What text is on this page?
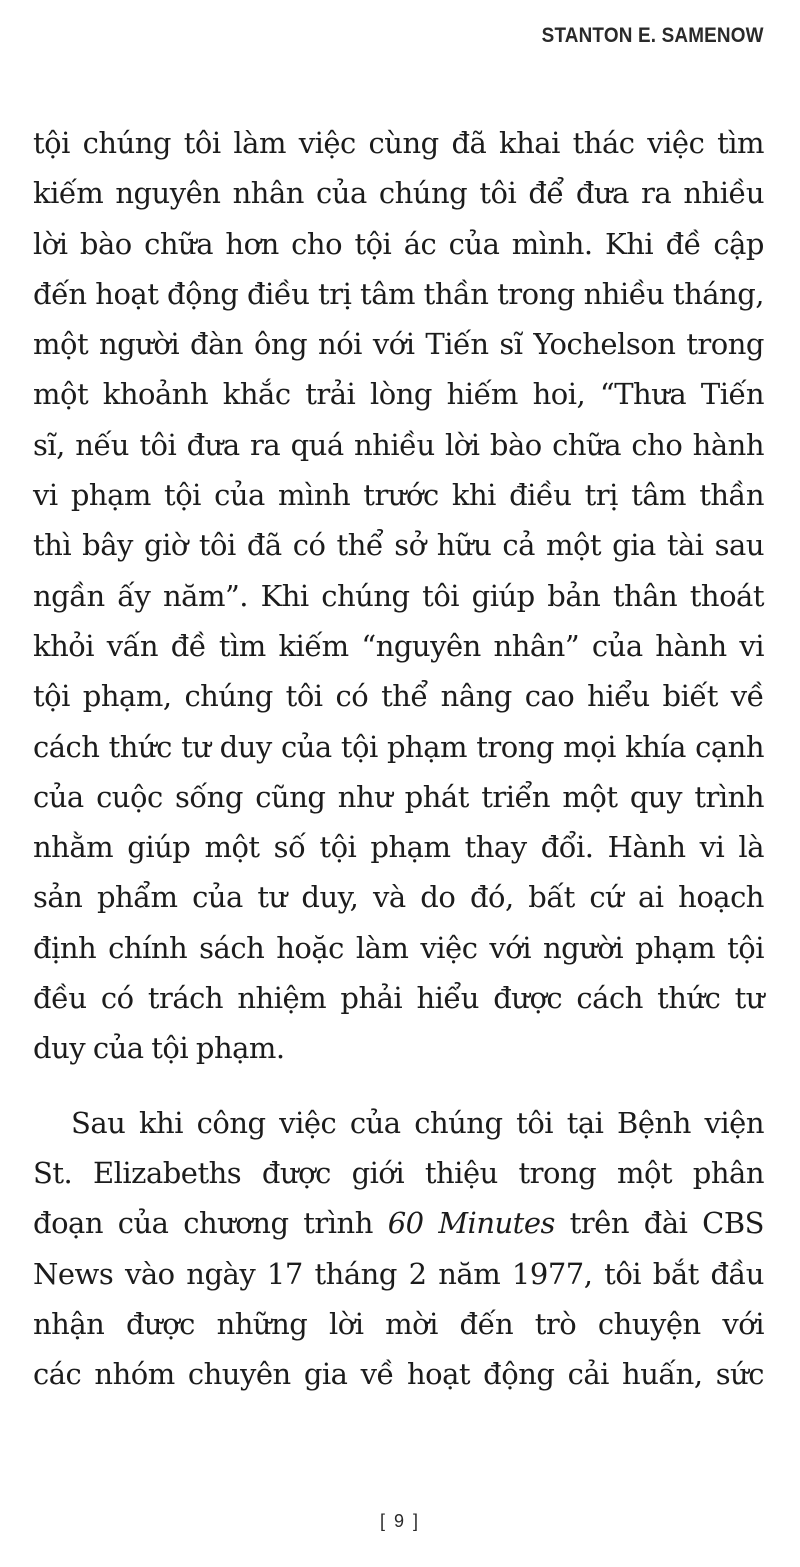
STANTON E. SAMENOW
tội chúng tôi làm việc cùng đã khai thác việc tìm
kiếm nguyên nhân của chúng tôi để đưa ra nhiều
lời bào chữa hơn cho tội ác của mình. Khi đề cập
đến hoạt động điều trị tâm thần trong nhiều tháng,
một người đàn ông nói với Tiến sĩ Yochelson trong
một khoảnh khắc trải lòng hiếm hoi, “Thưa Tiến
sĩ, nếu tôi đưa ra quá nhiều lời bào chữa cho hành
vi phạm tội của mình trước khi điều trị tâm thần
thì bây giờ tôi đã có thể sở hữu cả một gia tài sau
ngần ấy năm”. Khi chúng tôi giúp bản thân thoát
khỏi vấn đề tìm kiếm “nguyên nhân” của hành vi
tội phạm, chúng tôi có thể nâng cao hiểu biết về
cách thức tư duy của tội phạm trong mọi khía cạnh
của cuộc sống cũng như phát triển một quy trình
nhằm giúp một số tội phạm thay đổi. Hành vi là
sản phẩm của tư duy, và do đó, bất cứ ai hoạch
định chính sách hoặc làm việc với người phạm tội
đều có trách nhiệm phải hiểu được cách thức tư
duy của tội phạm.
Sau khi công việc của chúng tôi tại Bệnh viện
St. Elizabeths được giới thiệu trong một phân
đoạn của chương trình 60 Minutes trên đài CBS
News vào ngày 17 tháng 2 năm 1977, tôi bắt đầu
nhận được những lời mời đến trò chuyện với
các nhóm chuyên gia về hoạt động cải huấn, sức
[ 9 ]
